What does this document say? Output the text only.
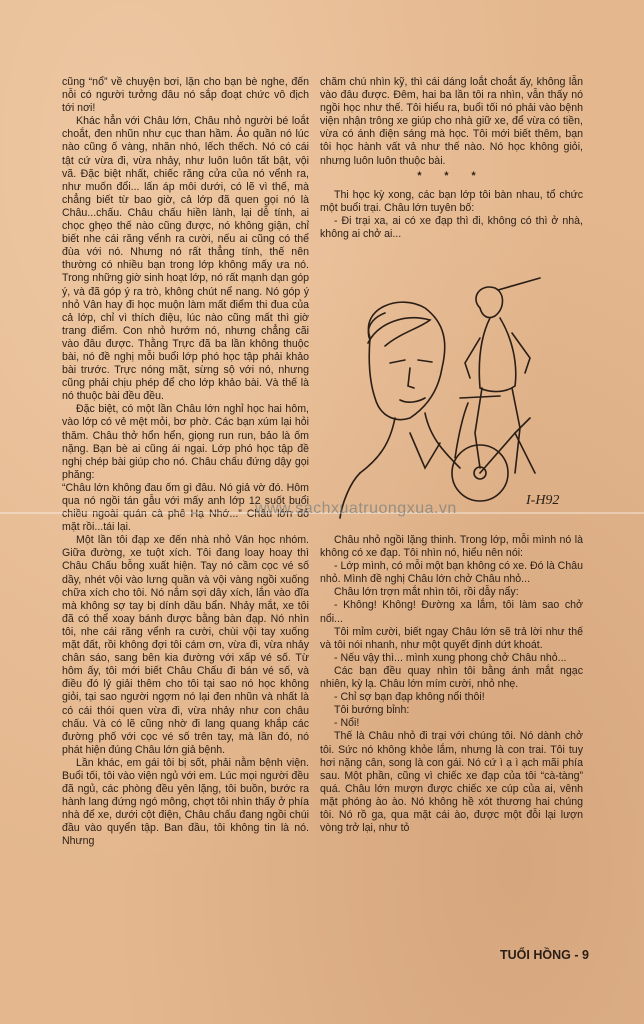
cũng “nổ” về chuyện bơi, lặn cho bạn bè nghe, đến nỗi có người tưởng đâu nó sắp đoạt chức vô địch tới nơi!

Khác hẳn với Châu lớn, Châu nhỏ người bé loắt choắt, đen nhũn như cục than hầm. Áo quần nó lúc nào cũng ố vàng, nhăn nhó, lếch thếch. Nó có cái tật cứ vừa đi, vừa nhảy, như luôn luôn tất bật, vội vã. Đặc biệt nhất, chiếc răng cửa của nó vểnh ra, như muốn đổi... lấn áp môi dưới, có lẽ vì thế, mà chẳng biết từ bao giờ, cả lớp đã quen gọi nó là Châu...chấu. Châu chấu hiền lành, lại dễ tính, ai chọc ghẹo thế nào cũng được, nó không giận, chỉ biết nhe cái răng vểnh ra cười, nếu ai cũng có thể đùa với nó. Nhưng nó rất thẳng tính, thế nên thường có nhiều bạn trong lớp không mấy ưa nó. Trong những giờ sinh hoạt lớp, nó rất mạnh dạn góp ý, và đã góp ý ra trò, không chút nể nang. Nó góp ý nhỏ Vân hay đi học muộn làm mất điểm thi đua của cả lớp, chỉ vì thích điệu, lúc nào cũng mất thì giờ trang điểm. Con nhỏ hướm nó, nhưng chẳng cãi vào đâu được. Thằng Trực đã ba lần không thuộc bài, nó đề nghị mỗi buổi lớp phó học tập phải khảo bài trước. Trực nóng mặt, sừng sộ với nó, nhưng cũng phải chịu phép để cho lớp khảo bài. Và thế là nó thuộc bài đều đều.

Đặc biệt, có một lần Châu lớn nghỉ học hai hôm, vào lớp có vẻ mệt mỏi, bơ phờ. Các bạn xúm lại hỏi thăm. Châu thở hổn hển, giọng run run, bảo là ốm nặng. Bạn bè ai cũng ái ngại. Lớp phó học tập đề nghị chép bài giúp cho nó. Châu chấu đứng dậy gọi phăng:

“Châu lớn không đau ốm gì đâu. Nó giả vờ đó. Hôm qua nó ngồi tán gẫu với mấy anh lớp 12 suốt buổi chiều ngoài quán cà phê Hạ Nhớ...” Châu lớn đỏ mặt rồi...tái lại.

Một lần tôi đạp xe đến nhà nhỏ Vân học nhóm. Giữa đường, xe tuột xích. Tôi đang loay hoay thì Châu Chấu bỗng xuất hiện. Tay nó cầm cọc vé số dầy, nhét vội vào lưng quần và vội vàng ngồi xuống chữa xích cho tôi. Nó nắm sợi dây xích, lắn vào đĩa mà không sợ tay bị dính dầu bẩn. Nhảy mắt, xe tôi đã có thể xoay bánh được bằng bàn đạp. Nó nhìn tôi, nhe cái răng vểnh ra cười, chùi vội tay xuống mặt đất, rồi không đợi tôi cám ơn, vừa đi, vừa nhảy chân sáo, sang bên kia đường với xấp vé số. Từ hôm ấy, tôi mới biết Châu Chấu đi bán vé số, và điều đó lý giải thêm cho tôi tại sao nó học không giỏi, tại sao người ngợm nó lại đen nhũn và nhất là có cái thói quen vừa đi, vừa nhảy như con châu chấu. Và có lẽ cũng nhờ đi lang quang khắp các đường phố với cọc vé số trên tay, mà lần đó, nó phát hiện đúng Châu lớn giả bệnh.

Lần khác, em gái tôi bị sốt, phải nằm bệnh viện. Buổi tối, tôi vào viện ngủ với em. Lúc mọi người đều đã ngủ, các phòng đều yên lặng, tôi buồn, bước ra hành lang đứng ngó mông, chợt tôi nhìn thấy ở phía nhà để xe, dưới cột điện, Châu chấu đang ngồi chúi đầu vào quyển tập. Ban đầu, tôi không tin là nó. Nhưng

chăm chú nhìn kỹ, thì cái dáng loắt choắt ấy, không lẫn vào đâu được. Đêm, hai ba lần tôi ra nhìn, vẫn thấy nó ngồi học như thế. Tôi hiểu ra, buổi tối nó phải vào bệnh viện nhận trông xe giúp cho nhà giữ xe, để vừa có tiền, vừa có ánh điện sáng mà học. Tôi mới biết thêm, bạn tôi học hành vất vả như thế nào. Nó học không giỏi, nhưng luôn luôn thuộc bài.

* * *

Thi học kỳ xong, các bạn lớp tôi bàn nhau, tổ chức một buổi trại. Châu lớn tuyên bố:

- Đi trại xa, ai có xe đạp thì đi, không có thì ở nhà, không ai chở ai...

I-H92
www.sachxuatruongxua.vn

Châu nhỏ ngồi lặng thinh. Trong lớp, mỗi mình nó là không có xe đạp. Tôi nhìn nó, hiểu nên nói:

- Lớp mình, có mỗi một bạn không có xe. Đó là Châu nhỏ. Mình đề nghị Châu lớn chở Châu nhỏ...

Châu lớn trợn mắt nhìn tôi, rồi dẫy nẩy:

- Không! Không! Đường xa lắm, tôi làm sao chở nổi...

Tôi mỉm cười, biết ngay Châu lớn sẽ trả lời như thế và tôi nói nhanh, như một quyết định dứt khoát.

- Nếu vậy thì... mình xung phong chở Châu nhỏ...

Các bạn đều quay nhìn tôi bằng ánh mắt ngạc nhiên, kỳ lạ. Châu lớn mím cười, nhỏ nhẹ.

- Chỉ sợ bạn đạp không nổi thôi!

Tôi bướng bỉnh:

- Nổi!

Thế là Châu nhỏ đi trại với chúng tôi. Nó dành chở tôi. Sức nó không khỏe lắm, nhưng là con trai. Tôi tuy hơi nặng cân, song là con gái. Nó cứ ì ạ ì ạch mãi phía sau. Một phần, cũng vì chiếc xe đạp của tôi “cà-tàng” quá. Châu lớn mượn được chiếc xe cúp của ai, vênh mặt phóng ào ào. Nó không hề xót thương hai chúng tôi. Nó rồ ga, qua mặt cái ào, được một đỗi lại lượn vòng trở lại, như tỏ

TUỔI HỒNG - 9
